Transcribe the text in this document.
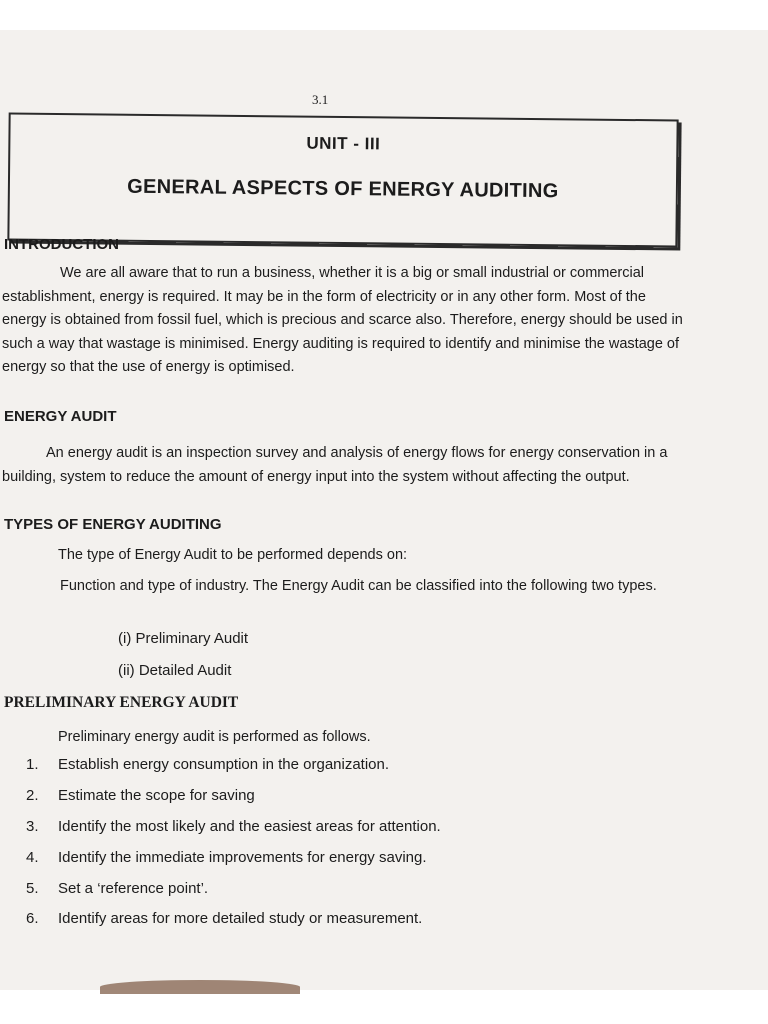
3.1
UNIT - III
GENERAL ASPECTS OF ENERGY AUDITING
INTRODUCTION
We are all aware that to run a business, whether it is a big or small industrial or commercial establishment, energy is required. It may be in the form of electricity or in any other form. Most of the energy is obtained from fossil fuel, which is precious and scarce also. Therefore, energy should be used in such a way that wastage is minimised. Energy auditing is required to identify and minimise the wastage of energy so that the use of energy is optimised.
ENERGY AUDIT
An energy audit is an inspection survey and analysis of energy flows for energy conservation in a building, system to reduce the amount of energy input into the system without affecting the output.
TYPES OF ENERGY AUDITING
The type of Energy Audit to be performed depends on:
Function and type of industry. The Energy Audit can be classified into the following two types.
(i) Preliminary Audit
(ii) Detailed Audit
PRELIMINARY ENERGY AUDIT
Preliminary energy audit is performed as follows.
1. Establish energy consumption in the organization.
2. Estimate the scope for saving
3. Identify the most likely and the easiest areas for attention.
4. Identify the immediate improvements for energy saving.
5. Set a ‘reference point’.
6. Identify areas for more detailed study or measurement.
